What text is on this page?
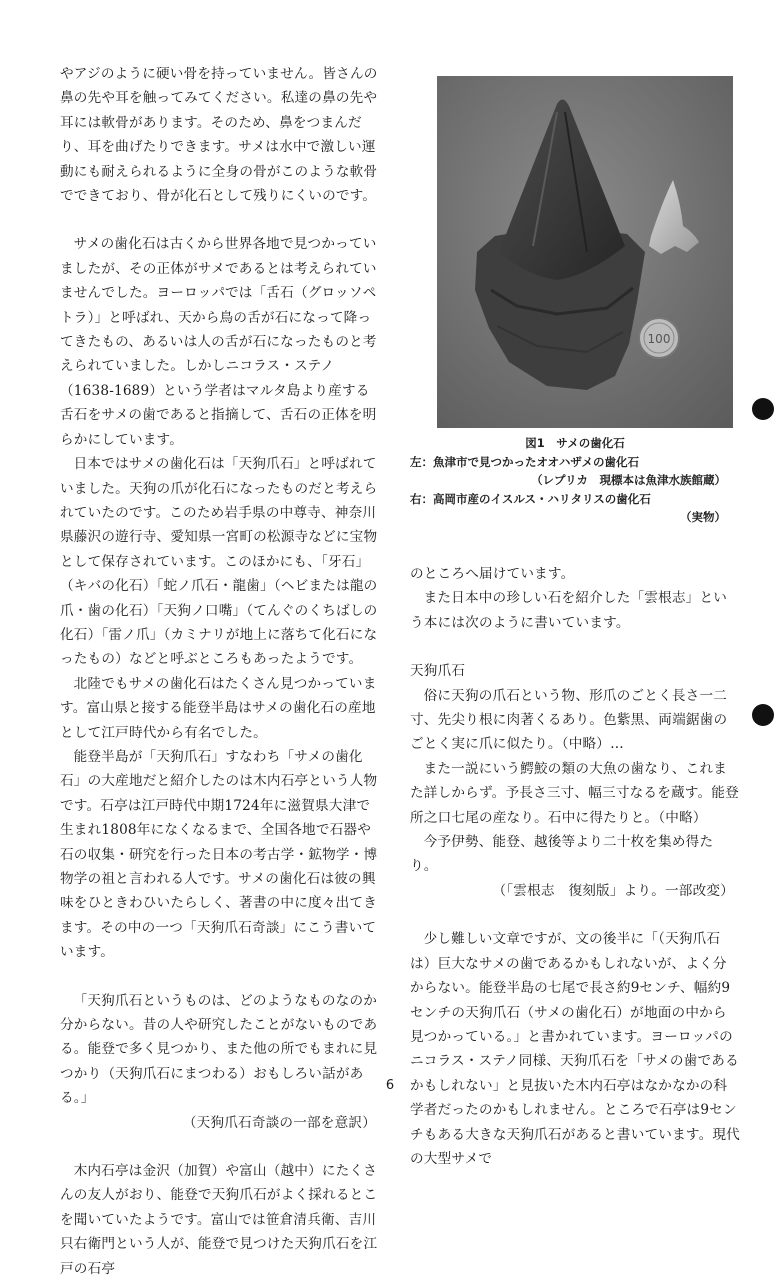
やアジのように硬い骨を持っていません。皆さんの鼻の先や耳を触ってみてください。私達の鼻の先や耳には軟骨があります。そのため、鼻をつまんだり、耳を曲げたりできます。サメは水中で激しい運動にも耐えられるように全身の骨がこのような軟骨でできており、骨が化石として残りにくいのです。

サメの歯化石は古くから世界各地で見つかっていましたが、その正体がサメであるとは考えられていませんでした。ヨーロッパでは「舌石（グロッソペトラ）」と呼ばれ、天から鳥の舌が石になって降ってきたもの、あるいは人の舌が石になったものと考えられていました。しかしニコラス・ステノ（1638-1689）という学者はマルタ島より産する舌石をサメの歯であると指摘して、舌石の正体を明らかにしています。

日本ではサメの歯化石は「天狗爪石」と呼ばれていました。天狗の爪が化石になったものだと考えられていたのです。このため岩手県の中尊寺、神奈川県藤沢の遊行寺、愛知県一宮町の松源寺などに宝物として保存されています。このほかにも、「牙石」（キバの化石）「蛇ノ爪石・龍歯」（ヘビまたは龍の爪・歯の化石）「天狗ノ口嘴」（てんぐのくちばしの化石）「雷ノ爪」（カミナリが地上に落ちて化石になったもの）などと呼ぶところもあったようです。

北陸でもサメの歯化石はたくさん見つかっています。富山県と接する能登半島はサメの歯化石の産地として江戸時代から有名でした。

能登半島が「天狗爪石」すなわち「サメの歯化石」の大産地だと紹介したのは木内石亭という人物です。石亭は江戸時代中期1724年に滋賀県大津で生まれ1808年になくなるまで、全国各地で石器や石の収集・研究を行った日本の考古学・鉱物学・博物学の祖と言われる人です。サメの歯化石は彼の興味をひときわひいたらしく、著書の中に度々出てきます。その中の一つ「天狗爪石奇談」にこう書いています。

「天狗爪石というものは、どのようなものなのか分からない。昔の人や研究したことがないものである。能登で多く見つかり、また他の所でもまれに見つかり（天狗爪石にまつわる）おもしろい話がある。」

（天狗爪石奇談の一部を意訳）

木内石亭は金沢（加賀）や富山（越中）にたくさんの友人がおり、能登で天狗爪石がよく採れるとこを聞いていたようです。富山では笹倉清兵衛、吉川只右衛門という人が、能登で見つけた天狗爪石を江戸の石亭

100
図1　サメの歯化石
左：魚津市で見つかったオオハザメの歯化石
（レプリカ　現標本は魚津水族館蔵）
右：高岡市産のイスルス・ハリタリスの歯化石
（実物）

のところへ届けています。

また日本中の珍しい石を紹介した「雲根志」という本には次のように書いています。

天狗爪石

俗に天狗の爪石という物、形爪のごとく長さ一二寸、先尖り根に肉著くるあり。色紫黒、両端鋸歯のごとく実に爪に似たり。（中略）…

また一説にいう鰐鮫の類の大魚の歯なり、これまた詳しからず。予長さ三寸、幅三寸なるを蔵す。能登所之口七尾の産なり。石中に得たりと。（中略）

今予伊勢、能登、越後等より二十枚を集め得たり。

（「雲根志　復刻版」より。一部改変）

少し難しい文章ですが、文の後半に「（天狗爪石は）巨大なサメの歯であるかもしれないが、よく分からない。能登半島の七尾で長さ約9センチ、幅約9センチの天狗爪石（サメの歯化石）が地面の中から見つかっている。」と書かれています。ヨーロッパのニコラス・ステノ同様、天狗爪石を「サメの歯であるかもしれない」と見抜いた木内石亭はなかなかの科学者だったのかもしれません。ところで石亭は9センチもある大きな天狗爪石があると書いています。現代の大型サメで

6
